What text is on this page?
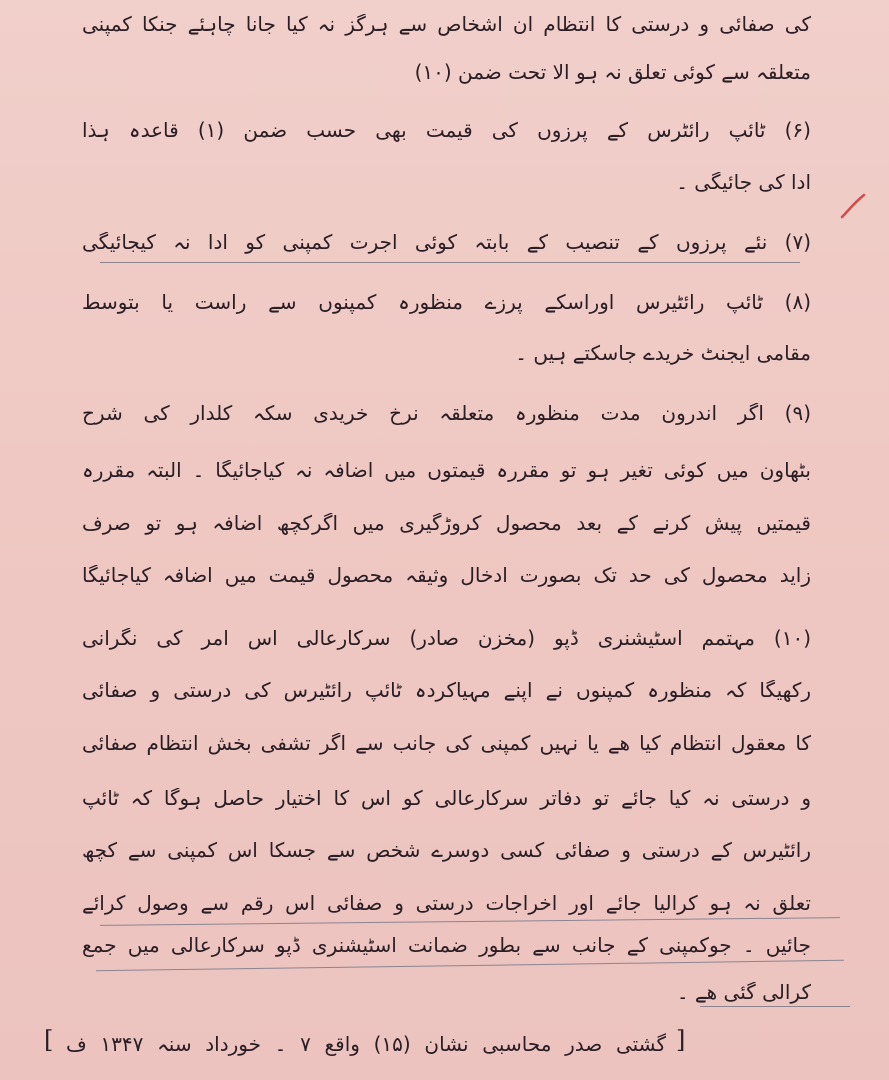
کی صفائی و درستی کا انتظام ان اشخاص سے ہرگز نہ کیا جانا چاہئے جنکا کمپنی
متعلقہ سے کوئی تعلق نہ ہو الا تحت ضمن (۱۰)
(۶) ٹائپ رائٹرس کے پرزوں کی قیمت بھی حسب ضمن (۱) قاعدہ ہذا
ادا کی جائیگی ۔
(۷) نئے پرزوں کے تنصیب کے بابتہ کوئی اجرت کمپنی کو ادا نہ کیجائیگی
(۸) ٹائپ رائٹیرس اوراسکے پرزے منظورہ کمپنوں سے راست یا بتوسط
مقامی ایجنٹ خریدے جاسکتے ہیں ۔
(۹) اگر اندرون مدت منظورہ متعلقہ نرخ خریدی سکہ کلدار کی شرح
بٹھاون میں کوئی تغیر ہو تو مقررہ قیمتوں میں اضافہ نہ کیاجائیگا ۔ البتہ مقررہ
قیمتیں پیش کرنے کے بعد محصول کروڑگیری میں اگرکچھ اضافہ ہو تو صرف
زاید محصول کی حد تک بصورت ادخال وثیقہ محصول قیمت میں اضافہ کیاجائیگا
(۱۰) مہتمم اسٹیشنری ڈپو (مخزن صادر) سرکارعالی اس امر کی نگرانی
رکھیگا کہ منظورہ کمپنوں نے اپنے مہیاکردہ ٹائپ رائٹیرس کی درستی و صفائی
کا معقول انتظام کیا ھے یا نہیں کمپنی کی جانب سے اگر تشفی بخش انتظام صفائی
و درستی نہ کیا جائے تو دفاتر سرکارعالی کو اس کا اختیار حاصل ہوگا کہ ٹائپ
رائٹیرس کے درستی و صفائی کسی دوسرے شخص سے جسکا اس کمپنی سے کچھ
تعلق نہ ہو کرالیا جائے اور اخراجات درستی و صفائی اس رقم سے وصول کرائے
جائیں ۔ جوکمپنی کے جانب سے بطور ضمانت اسٹیشنری ڈپو سرکارعالی میں جمع
کرالی گئی ھے ۔
[ گشتی صدر محاسبی نشان (۱۵) واقع ۷ ۔ خورداد سنہ ۱۳۴۷ ف ]
